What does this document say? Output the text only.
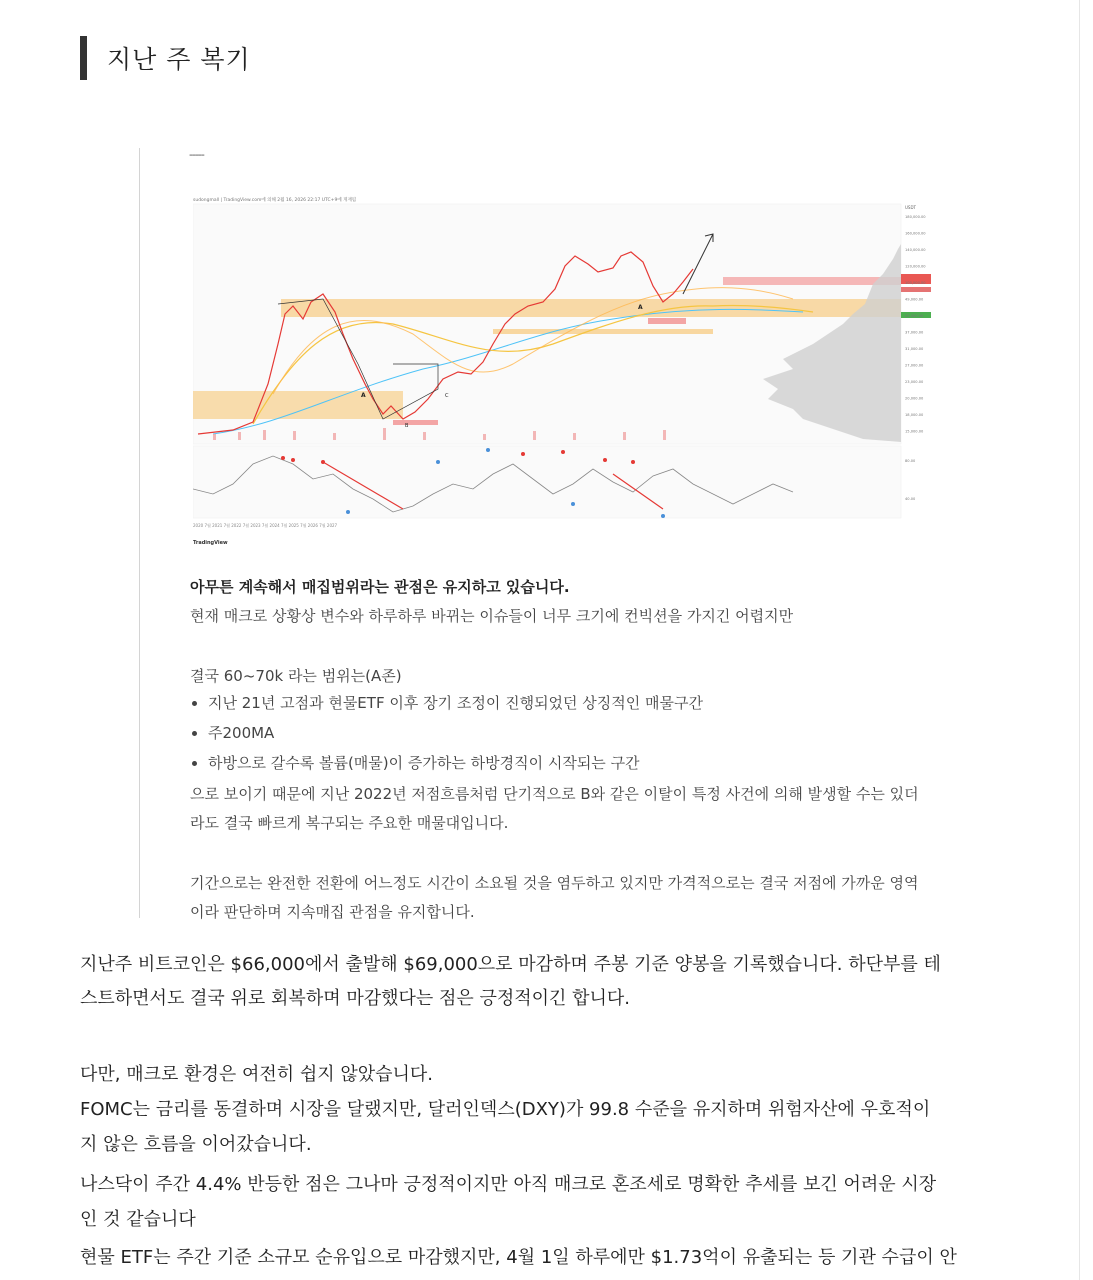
지난 주 복기
-----
sudongmall | TradingView.com에 의해 2월 16, 2026 22:17 UTC+9에 게재됨
A
A
B
C
2020 7월 2021 7월 2022 7월 2023 7월 2024 7월 2025 7월 2026 7월 2027
TradingView
USDT
180,000.00
160,000.00
140,000.00
120,000.00
100,000.00
49,000.00
43,000.00
37,000.00
31,000.00
27,000.00
23,000.00
20,000.00
18,000.00
15,000.00
80.00
40.00
아무튼 계속해서 매집범위라는 관점은 유지하고 있습니다.
현재 매크로 상황상 변수와 하루하루 바뀌는 이슈들이 너무 크기에 컨빅션을 가지긴 어렵지만
결국 60~70k 라는 범위는(A존)
• 지난 21년 고점과 현물ETF 이후 장기 조정이 진행되었던 상징적인 매물구간
• 주200MA
• 하방으로 갈수록 볼륨(매물)이 증가하는 하방경직이 시작되는 구간
으로 보이기 때문에 지난 2022년 저점흐름처럼 단기적으로 B와 같은 이탈이 특정 사건에 의해 발생할 수는 있더
라도 결국 빠르게 복구되는 주요한 매물대입니다.
기간으로는 완전한 전환에 어느정도 시간이 소요될 것을 염두하고 있지만 가격적으로는 결국 저점에 가까운 영역
이라 판단하며 지속매집 관점을 유지합니다.
지난주 비트코인은 $66,000에서 출발해 $69,000으로 마감하며 주봉 기준 양봉을 기록했습니다. 하단부를 테
스트하면서도 결국 위로 회복하며 마감했다는 점은 긍정적이긴 합니다.
다만, 매크로 환경은 여전히 쉽지 않았습니다.
FOMC는 금리를 동결하며 시장을 달랬지만, 달러인덱스(DXY)가 99.8 수준을 유지하며 위험자산에 우호적이
지 않은 흐름을 이어갔습니다.
나스닥이 주간 4.4% 반등한 점은 그나마 긍정적이지만 아직 매크로 혼조세로 명확한 추세를 보긴 어려운 시장
인 것 같습니다
현물 ETF는 주간 기준 소규모 순유입으로 마감했지만, 4월 1일 하루에만 $1.73억이 유출되는 등 기관 수급이 안
